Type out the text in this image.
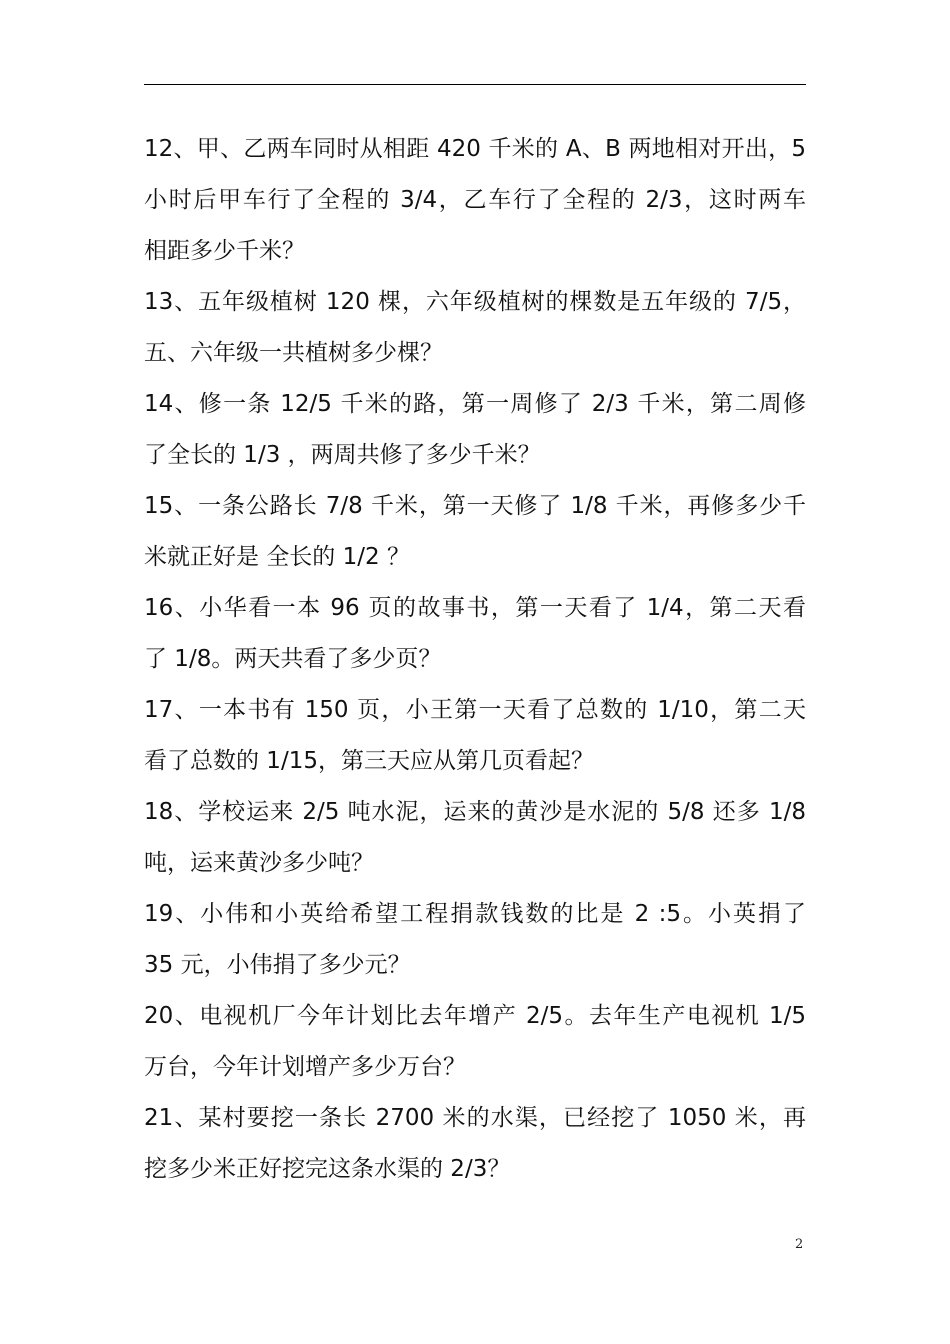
12、甲、乙两车同时从相距 420 千米的 A、B 两地相对开出，5
小时后甲车行了全程的 3/4，乙车行了全程的 2/3，这时两车
相距多少千米？
13、五年级植树 120 棵，六年级植树的棵数是五年级的 7/5，
五、六年级一共植树多少棵？
14、修一条 12/5 千米的路，第一周修了 2/3 千米，第二周修
了全长的 1/3 ，两周共修了多少千米？
15、一条公路长 7/8 千米，第一天修了 1/8 千米，再修多少千
米就正好是 全长的 1/2 ？
16、小华看一本 96 页的故事书，第一天看了 1/4，第二天看
了 1/8。两天共看了多少页？
17、一本书有 150 页，小王第一天看了总数的 1/10，第二天
看了总数的 1/15，第三天应从第几页看起？
18、学校运来 2/5 吨水泥，运来的黄沙是水泥的 5/8 还多 1/8
吨，运来黄沙多少吨？
19、小伟和小英给希望工程捐款钱数的比是 2 :5。小英捐了
35 元，小伟捐了多少元？
20、电视机厂今年计划比去年增产 2/5。去年生产电视机 1/5
万台，今年计划增产多少万台？
21、某村要挖一条长 2700 米的水渠，已经挖了 1050 米，再
挖多少米正好挖完这条水渠的 2/3？
2
